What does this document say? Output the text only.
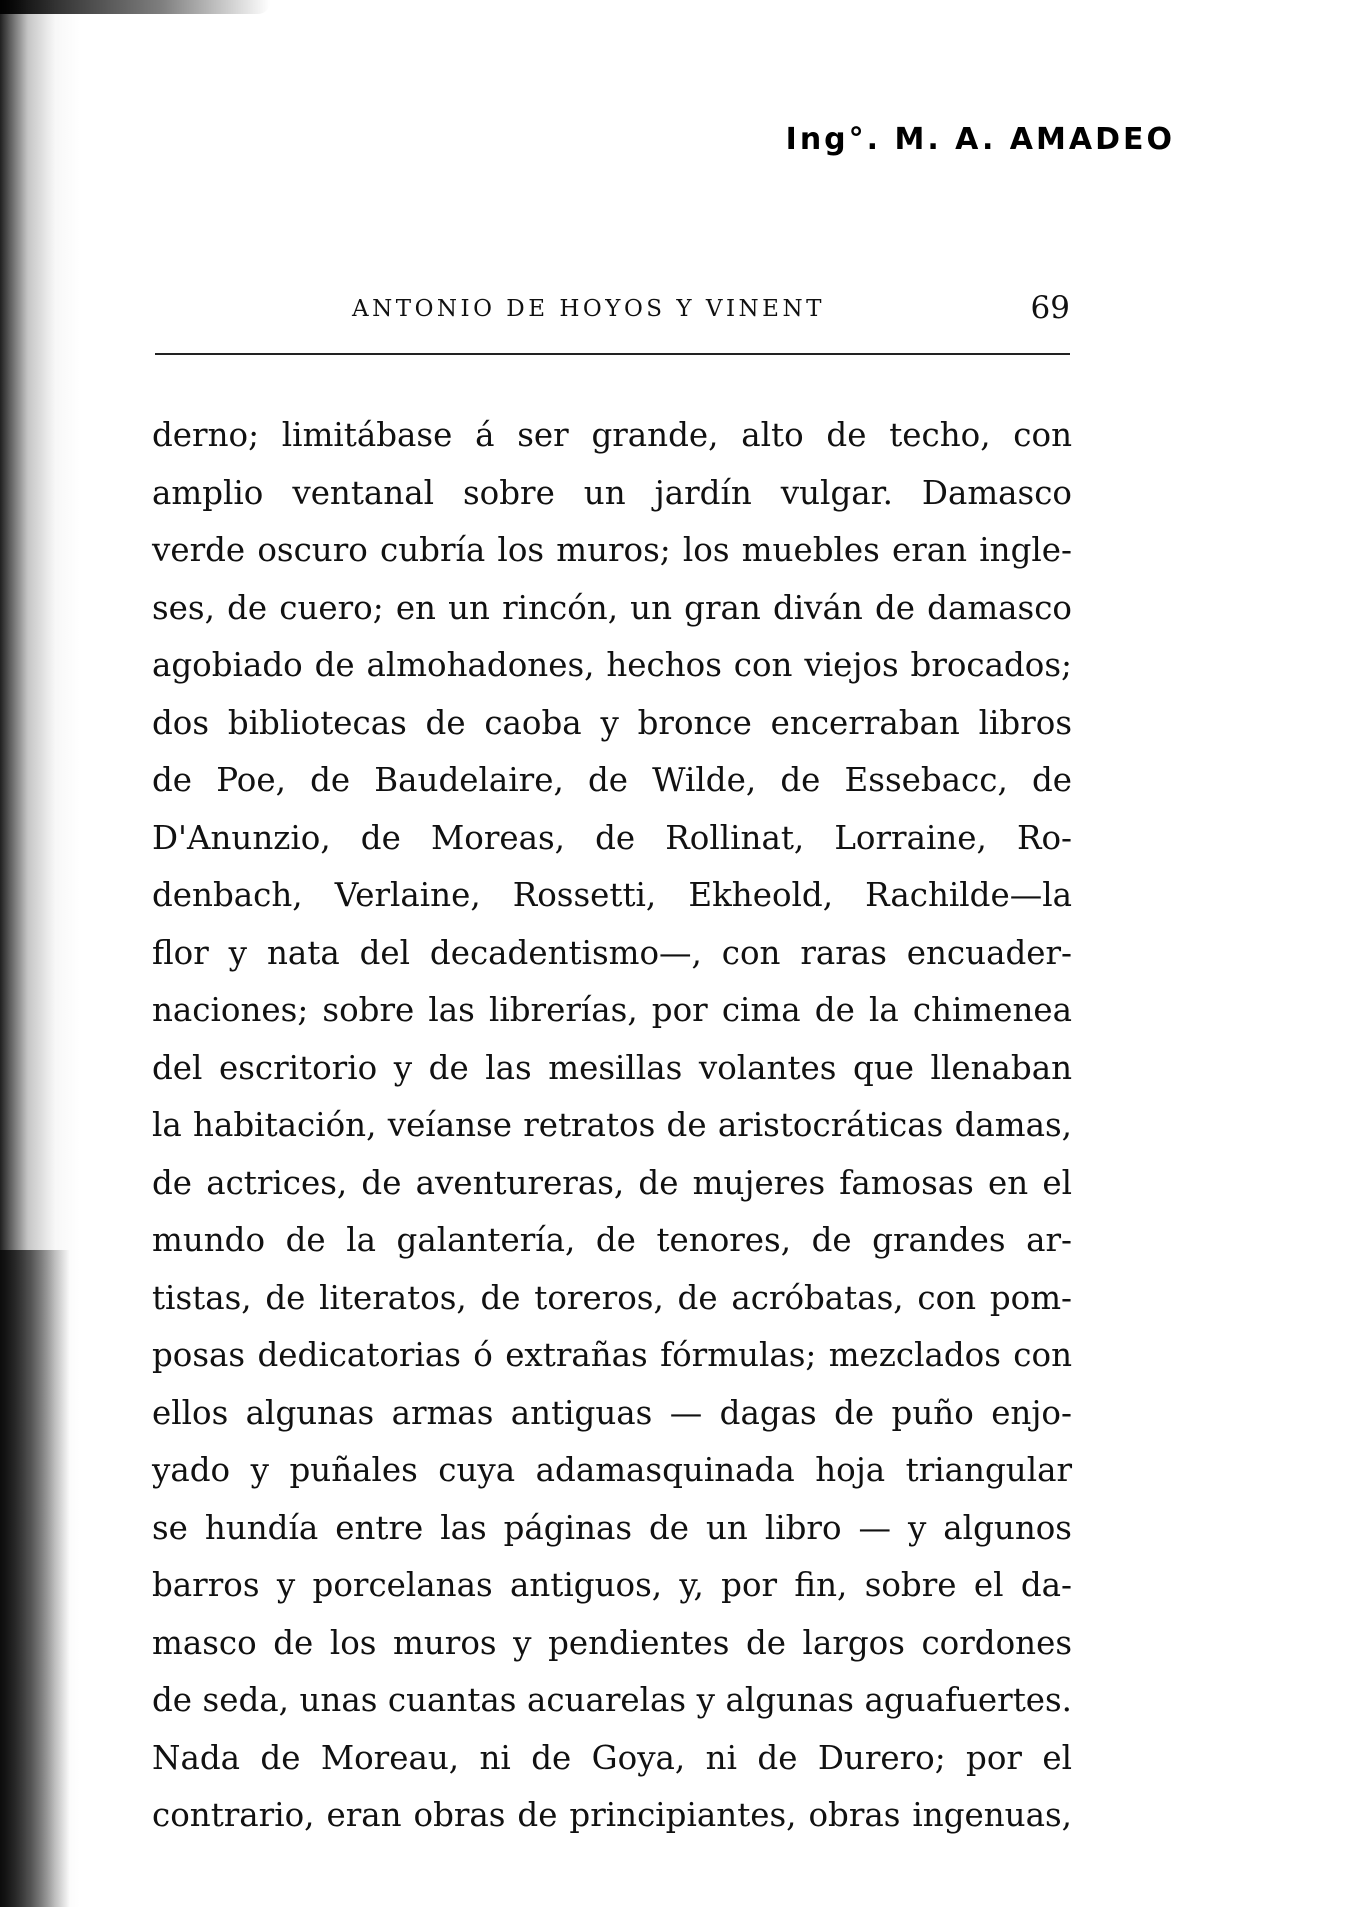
Ing°. M. A. AMADEO
ANTONIO DE HOYOS Y VINENT	69
derno; limitábase á ser grande, alto de techo, con
amplio ventanal sobre un jardín vulgar. Damasco
verde oscuro cubría los muros; los muebles eran ingle-
ses, de cuero; en un rincón, un gran diván de damasco
agobiado de almohadones, hechos con viejos brocados;
dos bibliotecas de caoba y bronce encerraban libros
de Poe, de Baudelaire, de Wilde, de Essebacc, de
D'Anunzio, de Moreas, de Rollinat, Lorraine, Ro-
denbach, Verlaine, Rossetti, Ekheold, Rachilde—la
flor y nata del decadentismo—, con raras encuader-
naciones; sobre las librerías, por cima de la chimenea
del escritorio y de las mesillas volantes que llenaban
la habitación, veíanse retratos de aristocráticas damas,
de actrices, de aventureras, de mujeres famosas en el
mundo de la galantería, de tenores, de grandes ar-
tistas, de literatos, de toreros, de acróbatas, con pom-
posas dedicatorias ó extrañas fórmulas; mezclados con
ellos algunas armas antiguas — dagas de puño enjo-
yado y puñales cuya adamasquinada hoja triangular
se hundía entre las páginas de un libro — y algunos
barros y porcelanas antiguos, y, por fin, sobre el da-
masco de los muros y pendientes de largos cordones
de seda, unas cuantas acuarelas y algunas aguafuertes.
Nada de Moreau, ni de Goya, ni de Durero; por el
contrario, eran obras de principiantes, obras ingenuas,
